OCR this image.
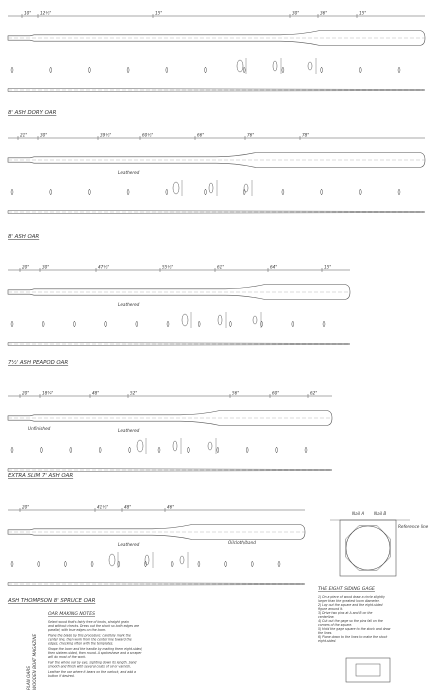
10" 12½"	15"	30"	36"	15"
8' ASH DORY OAR
21"	30"	39½"	60½"	66"	76"	78"
Leathered
8' ASH OAR
20"	30"	47½"	55½"	61"	64"	15"
Leathered
7½' ASH PEAPOD OAR
20"	18¾"	48"	52"	56"	60"	62"
Leathered
Unfinished
EXTRA SLIM 7' ASH OAR
20"	41½"	48"	46"
Leathered	Oilcloth/band
ASH THOMPSON 8' SPRUCE OAR
OAR MAKING NOTES
Select wood that's fairly free of knots, straight grain
and without checks. Dress out the stock so both edges are
parallel, with true edges on the loom.
Plane the blade by this procedure: carefully mark the
center line, then work from the center line toward the
edges, checking often with the templates.
Shape the loom and the handle by making them eight-sided,
then sixteen-sided, then round. A spokeshave and a scraper
will do most of the work.
Fair the whole oar by eye, sighting down its length. Sand
smooth and finish with several coats of oil or varnish.
Leather the oar where it bears on the oarlock, and add a
button if desired.
Nail A Nail B
Reference line
THE EIGHT SIDING GAGE
1) On a piece of wood draw a circle slightly
larger than the greatest loom diameter.
2) Lay out the square and the eight-sided
figure around it.
3) Drive two pins at A and B on the
centerline.
4) Cut out the gage so the pins fall on the
corners of the square.
5) Hold the gage square to the stock and draw
the lines.
6) Plane down to the lines to make the stock
eight-sided.
PLAN OARS WOODEN BOAT MAGAZINE
